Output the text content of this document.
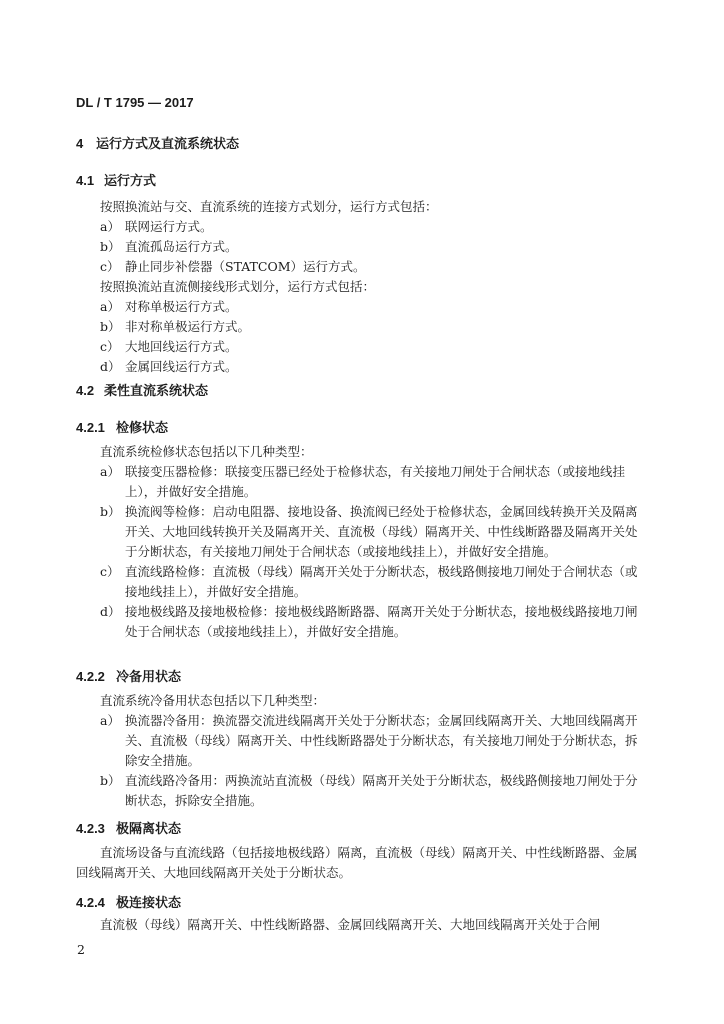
DL / T 1795 — 2017
4 运行方式及直流系统状态
4.1 运行方式
按照换流站与交、直流系统的连接方式划分，运行方式包括：
a） 联网运行方式。
b） 直流孤岛运行方式。
c） 静止同步补偿器（STATCOM）运行方式。
按照换流站直流侧接线形式划分，运行方式包括：
a） 对称单极运行方式。
b） 非对称单极运行方式。
c） 大地回线运行方式。
d） 金属回线运行方式。
4.2 柔性直流系统状态
4.2.1 检修状态
直流系统检修状态包括以下几种类型：
a） 联接变压器检修：联接变压器已经处于检修状态，有关接地刀闸处于合闸状态（或接地线挂上），并做好安全措施。
b） 换流阀等检修：启动电阻器、接地设备、换流阀已经处于检修状态，金属回线转换开关及隔离开关、大地回线转换开关及隔离开关、直流极（母线）隔离开关、中性线断路器及隔离开关处于分断状态，有关接地刀闸处于合闸状态（或接地线挂上），并做好安全措施。
c） 直流线路检修：直流极（母线）隔离开关处于分断状态，极线路侧接地刀闸处于合闸状态（或接地线挂上），并做好安全措施。
d） 接地极线路及接地极检修：接地极线路断路器、隔离开关处于分断状态，接地极线路接地刀闸处于合闸状态（或接地线挂上），并做好安全措施。
4.2.2 冷备用状态
直流系统冷备用状态包括以下几种类型：
a） 换流器冷备用：换流器交流进线隔离开关处于分断状态；金属回线隔离开关、大地回线隔离开关、直流极（母线）隔离开关、中性线断路器处于分断状态，有关接地刀闸处于分断状态，拆除安全措施。
b） 直流线路冷备用：两换流站直流极（母线）隔离开关处于分断状态，极线路侧接地刀闸处于分断状态，拆除安全措施。
4.2.3 极隔离状态
直流场设备与直流线路（包括接地极线路）隔离，直流极（母线）隔离开关、中性线断路器、金属回线隔离开关、大地回线隔离开关处于分断状态。
4.2.4 极连接状态
直流极（母线）隔离开关、中性线断路器、金属回线隔离开关、大地回线隔离开关处于合闸
2
